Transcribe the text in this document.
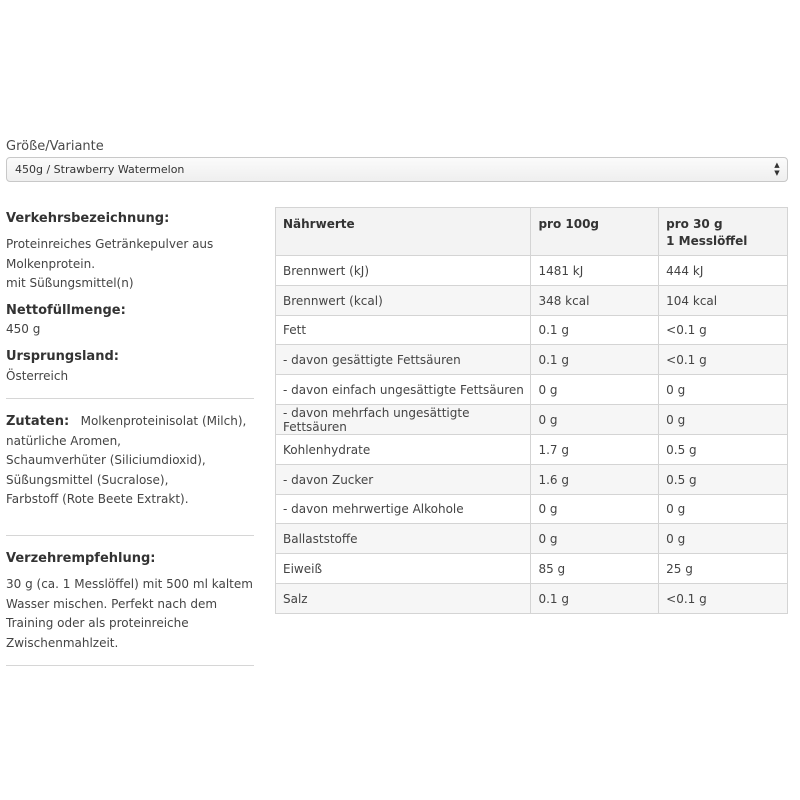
Größe/Variante
450g / Strawberry Watermelon	▲
▼
Verkehrsbezeichnung:
Proteinreiches Getränkepulver aus
Molkenprotein.
mit Süßungsmittel(n)
Nettofüllmenge:
450 g
Ursprungsland:
Österreich
Zutaten: Molkenproteinisolat (Milch),
natürliche Aromen,
Schaumverhüter (Siliciumdioxid),
Süßungsmittel (Sucralose),
Farbstoff (Rote Beete Extrakt).
Verzehrempfehlung:
30 g (ca. 1 Messlöffel) mit 500 ml kaltem
Wasser mischen. Perfekt nach dem
Training oder als proteinreiche
Zwischenmahlzeit.
Nährwerte	pro 100g	pro 30 g
1 Messlöffel

Brennwert (kJ)	1481 kJ	444 kJ
Brennwert (kcal)	348 kcal	104 kcal
Fett	0.1 g	<0.1 g
- davon gesättigte Fettsäuren	0.1 g	<0.1 g
- davon einfach ungesättigte Fettsäuren	0 g	0 g
- davon mehrfach ungesättigte Fettsäuren	0 g	0 g
Kohlenhydrate	1.7 g	0.5 g
- davon Zucker	1.6 g	0.5 g
- davon mehrwertige Alkohole	0 g	0 g
Ballaststoffe	0 g	0 g
Eiweiß	85 g	25 g
Salz	0.1 g	<0.1 g
